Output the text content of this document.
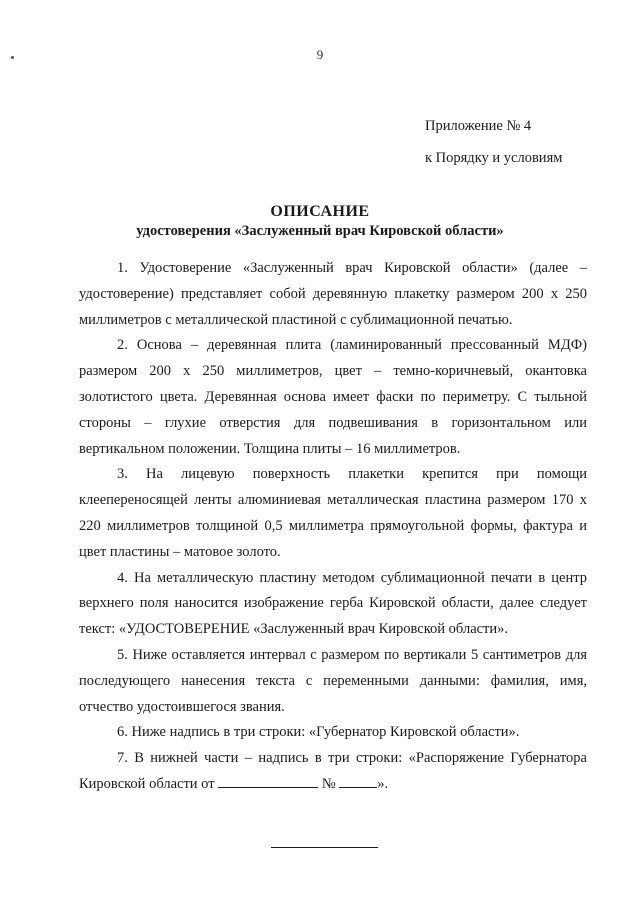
9
Приложение № 4
к Порядку и условиям
ОПИСАНИЕ
удостоверения «Заслуженный врач Кировской области»

1. Удостоверение «Заслуженный врач Кировской области» (далее – удостоверение) представляет собой деревянную плакетку размером 200 х 250 миллиметров с металлической пластиной с сублимационной печатью.

2. Основа – деревянная плита (ламинированный прессованный МДФ) размером 200 х 250 миллиметров, цвет – темно-коричневый, окантовка золотистого цвета. Деревянная основа имеет фаски по периметру. С тыльной стороны – глухие отверстия для подвешивания в горизонтальном или вертикальном положении. Толщина плиты – 16 миллиметров.

3. На лицевую поверхность плакетки крепится при помощи клеепереносящей ленты алюминиевая металлическая пластина размером 170 х 220 миллиметров толщиной 0,5 миллиметра прямоугольной формы, фактура и цвет пластины – матовое золото.

4. На металлическую пластину методом сублимационной печати в центр верхнего поля наносится изображение герба Кировской области, далее следует текст: «УДОСТОВЕРЕНИЕ «Заслуженный врач Кировской области».

5. Ниже оставляется интервал с размером по вертикали 5 сантиметров для последующего нанесения текста с переменными данными: фамилия, имя, отчество удостоившегося звания.

6. Ниже надпись в три строки: «Губернатор Кировской области».

7. В нижней части – надпись в три строки: «Распоряжение Губернатора Кировской области от	№	».
